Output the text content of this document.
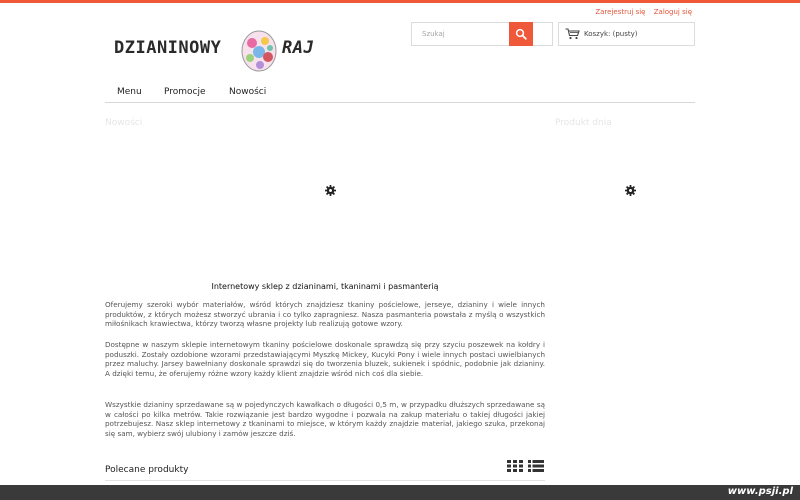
Zarejestruj się Zaloguj się
DZIANINOWY	RAJ
Szukaj
Koszyk: (pusty)
Menu Promocje	Nowości
Nowości	Produkt dnia
Internetowy sklep z dzianinami, tkaninami i pasmanterią

Oferujemy szeroki wybór materiałów, wśród których znajdziesz tkaniny pościelowe, jerseye, dzianiny i wiele innych produktów, z których możesz stworzyć ubrania i co tylko zapragniesz. Nasza pasmanteria powstała z myślą o wszystkich miłośnikach krawiectwa, którzy tworzą własne projekty lub realizują gotowe wzory.

Dostępne w naszym sklepie internetowym tkaniny pościelowe doskonale sprawdzą się przy szyciu poszewek na kołdry i poduszki. Zostały ozdobione wzorami przedstawiającymi Myszkę Mickey, Kucyki Pony i wiele innych postaci uwielbianych przez maluchy. Jarsey bawełniany doskonale sprawdzi się do tworzenia bluzek, sukienek i spódnic, podobnie jak dzianiny. A dzięki temu, że oferujemy różne wzory każdy klient znajdzie wśród nich coś dla siebie.

Wszystkie dzianiny sprzedawane są w pojedynczych kawałkach o długości 0,5 m, w przypadku dłuższych sprzedawane są w całości po kilka metrów. Takie rozwiązanie jest bardzo wygodne i pozwala na zakup materiału o takiej długości jakiej potrzebujesz. Nasz sklep internetowy z tkaninami to miejsce, w którym każdy znajdzie materiał, jakiego szuka, przekonaj się sam, wybierz swój ulubiony i zamów jeszcze dziś.

Polecane produkty
www.psji.pl
